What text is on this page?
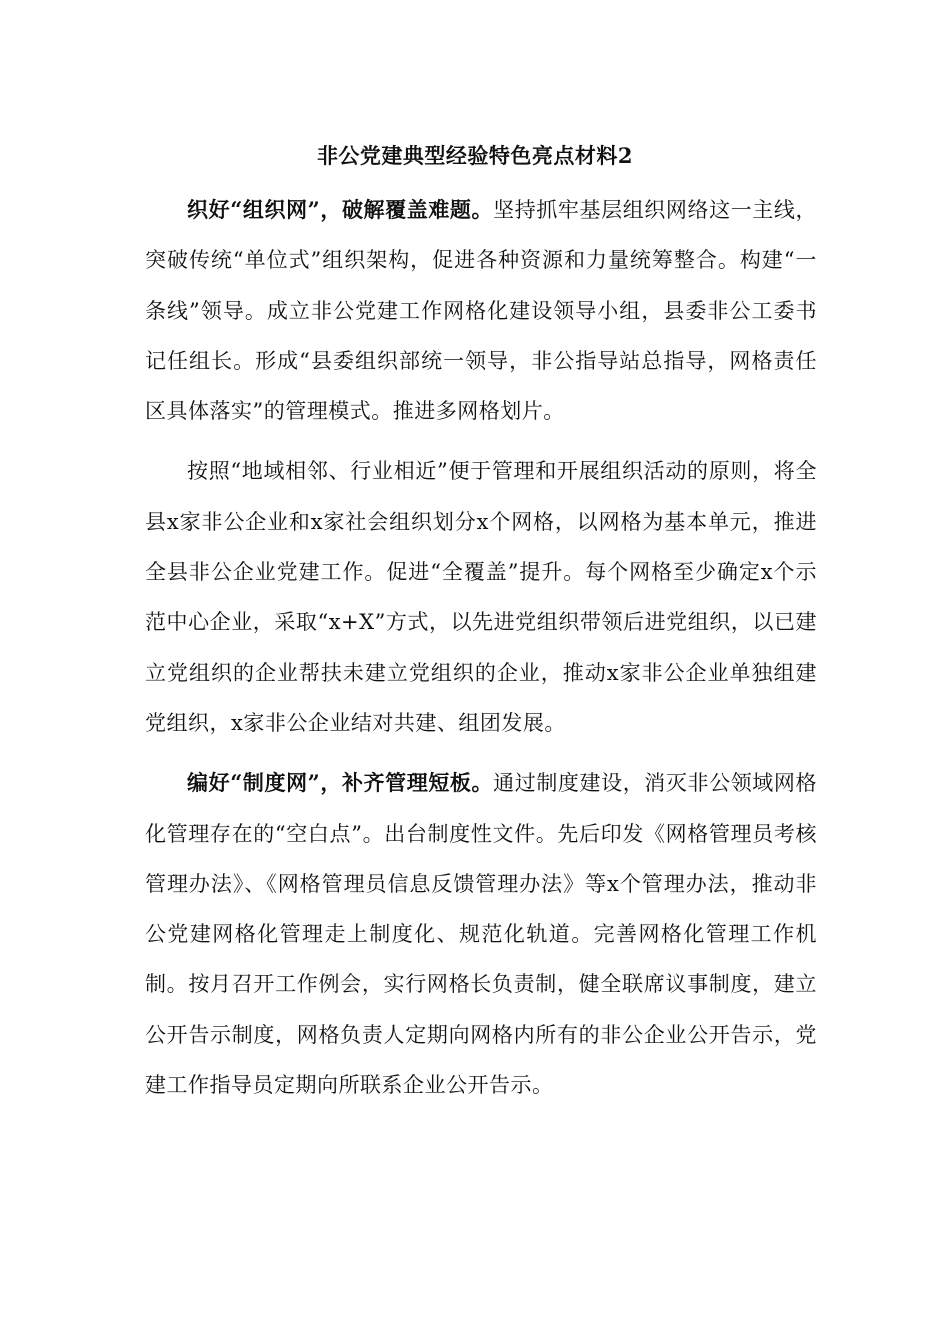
非公党建典型经验特色亮点材料2

织好“组织网”，破解覆盖难题。坚持抓牢基层组织网络这一主线，突破传统“单位式”组织架构，促进各种资源和力量统筹整合。构建“一条线”领导。成立非公党建工作网格化建设领导小组，县委非公工委书记任组长。形成“县委组织部统一领导，非公指导站总指导，网格责任区具体落实”的管理模式。推进多网格划片。

按照“地域相邻、行业相近”便于管理和开展组织活动的原则，将全县x家非公企业和x家社会组织划分x个网格，以网格为基本单元，推进全县非公企业党建工作。促进“全覆盖”提升。每个网格至少确定x个示范中心企业，采取“x+X”方式，以先进党组织带领后进党组织，以已建立党组织的企业帮扶未建立党组织的企业，推动x家非公企业单独组建党组织，x家非公企业结对共建、组团发展。

编好“制度网”，补齐管理短板。通过制度建设，消灭非公领域网格化管理存在的“空白点”。出台制度性文件。先后印发《网格管理员考核管理办法》、《网格管理员信息反馈管理办法》等x个管理办法，推动非公党建网格化管理走上制度化、规范化轨道。完善网格化管理工作机制。按月召开工作例会，实行网格长负责制，健全联席议事制度，建立公开告示制度，网格负责人定期向网格内所有的非公企业公开告示，党建工作指导员定期向所联系企业公开告示。
